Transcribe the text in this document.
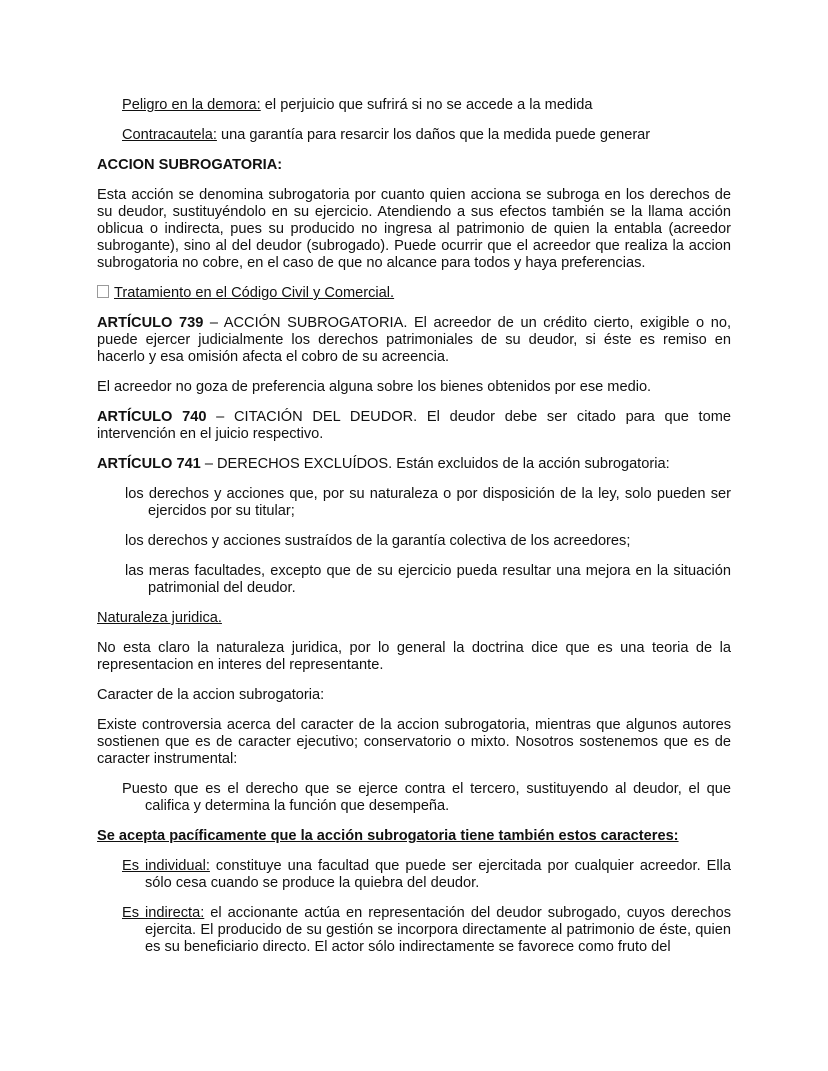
Peligro en la demora: el perjuicio que sufrirá si no se accede a la medida

Contracautela: una garantía para resarcir los daños que la medida puede generar

ACCION SUBROGATORIA:

Esta acción se denomina subrogatoria por cuanto quien acciona se subroga en los derechos de su deudor, sustituyéndolo en su ejercicio. Atendiendo a sus efectos también se la llama acción oblicua o indirecta, pues su producido no ingresa al patrimonio de quien la entabla (acreedor subrogante), sino al del deudor (subrogado). Puede ocurrir que el acreedor que realiza la accion subrogatoria no cobre, en el caso de que no alcance para todos y haya preferencias.

Tratamiento en el Código Civil y Comercial.

ARTÍCULO 739 – ACCIÓN SUBROGATORIA. El acreedor de un crédito cierto, exigible o no, puede ejercer judicialmente los derechos patrimoniales de su deudor, si éste es remiso en hacerlo y esa omisión afecta el cobro de su acreencia.

El acreedor no goza de preferencia alguna sobre los bienes obtenidos por ese medio.

ARTÍCULO 740 – CITACIÓN DEL DEUDOR. El deudor debe ser citado para que tome intervención en el juicio respectivo.

ARTÍCULO 741 – DERECHOS EXCLUÍDOS. Están excluidos de la acción subrogatoria:

los derechos y acciones que, por su naturaleza o por disposición de la ley, solo pueden ser ejercidos por su titular;

los derechos y acciones sustraídos de la garantía colectiva de los acreedores;

las meras facultades, excepto que de su ejercicio pueda resultar una mejora en la situación patrimonial del deudor.

Naturaleza juridica.

No esta claro la naturaleza juridica, por lo general la doctrina dice que es una teoria de la representacion en interes del representante.

Caracter de la accion subrogatoria:

Existe controversia acerca del caracter de la accion subrogatoria, mientras que algunos autores sostienen que es de caracter ejecutivo; conservatorio o mixto. Nosotros sostenemos que es de caracter instrumental:

Puesto que es el derecho que se ejerce contra el tercero, sustituyendo al deudor, el que califica y determina la función que desempeña.

Se acepta pacíficamente que la acción subrogatoria tiene también estos caracteres:

Es individual: constituye una facultad que puede ser ejercitada por cualquier acreedor. Ella sólo cesa cuando se produce la quiebra del deudor.

Es indirecta: el accionante actúa en representación del deudor subrogado, cuyos derechos ejercita. El producido de su gestión se incorpora directamente al patrimonio de éste, quien es su beneficiario directo. El actor sólo indirectamente se favorece como fruto del
